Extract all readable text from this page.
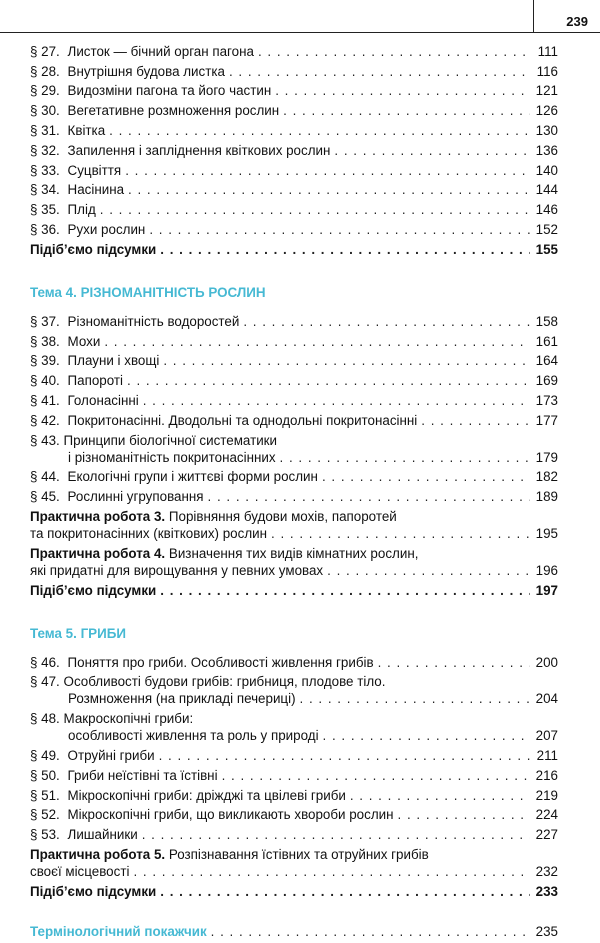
239
§ 27. Листок — бічний орган пагона . . .	111
§ 28. Внутрішня будова листка . . .	116
§ 29. Видозміни пагона та його частин . . .	121
§ 30. Вегетативне розмноження рослин . . .	126
§ 31. Квітка . . .	130
§ 32. Запилення і запліднення квіткових рослин . . .	136
§ 33. Суцвіття . . .	140
§ 34. Насінина . . .	144
§ 35. Плід . . .	146
§ 36. Рухи рослин . . .	152
Підіб’ємо підсумки . . .	155
Тема 4. РІЗНОМАНІТНІСТЬ РОСЛИН
§ 37. Різноманітність водоростей . . .	158
§ 38. Мохи . . .	161
§ 39. Плауни і хвощі . . .	164
§ 40. Папороті . . .	169
§ 41. Голонасінні . . .	173
§ 42. Покритонасінні. Дводольні та однодольні покритонасінні . . .	177
§ 43. Принципи біологічної систематики
і різноманітність покритонасінних . . .	179
§ 44. Екологічні групи і життєві форми рослин . . .	182
§ 45. Рослинні угруповання . . .	189
Практична робота 3. Порівняння будови мохів, папоротей
та покритонасінних (квіткових) рослин . . .	195
Практична робота 4. Визначення тих видів кімнатних рослин,
які придатні для вирощування у певних умовах . . .	196
Підіб’ємо підсумки . . .	197
Тема 5. ГРИБИ
§ 46. Поняття про гриби. Особливості живлення грибів . . .	200
§ 47. Особливості будови грибів: грибниця, плодове тіло.
Розмноження (на прикладі печериці) . . .	204
§ 48. Макроскопічні гриби:
особливості живлення та роль у природі . . .	207
§ 49. Отруйні гриби . . .	211
§ 50. Гриби неїстівні та їстівні . . .	216
§ 51. Мікроскопічні гриби: дріжджі та цвілеві гриби . . .	219
§ 52. Мікроскопічні гриби, що викликають хвороби рослин . . .	224
§ 53. Лишайники . . .	227
Практична робота 5. Розпізнавання їстівних та отруйних грибів
своєї місцевості . . .	232
Підіб’ємо підсумки . . .	233
Термінологічний покажчик . . .	235
